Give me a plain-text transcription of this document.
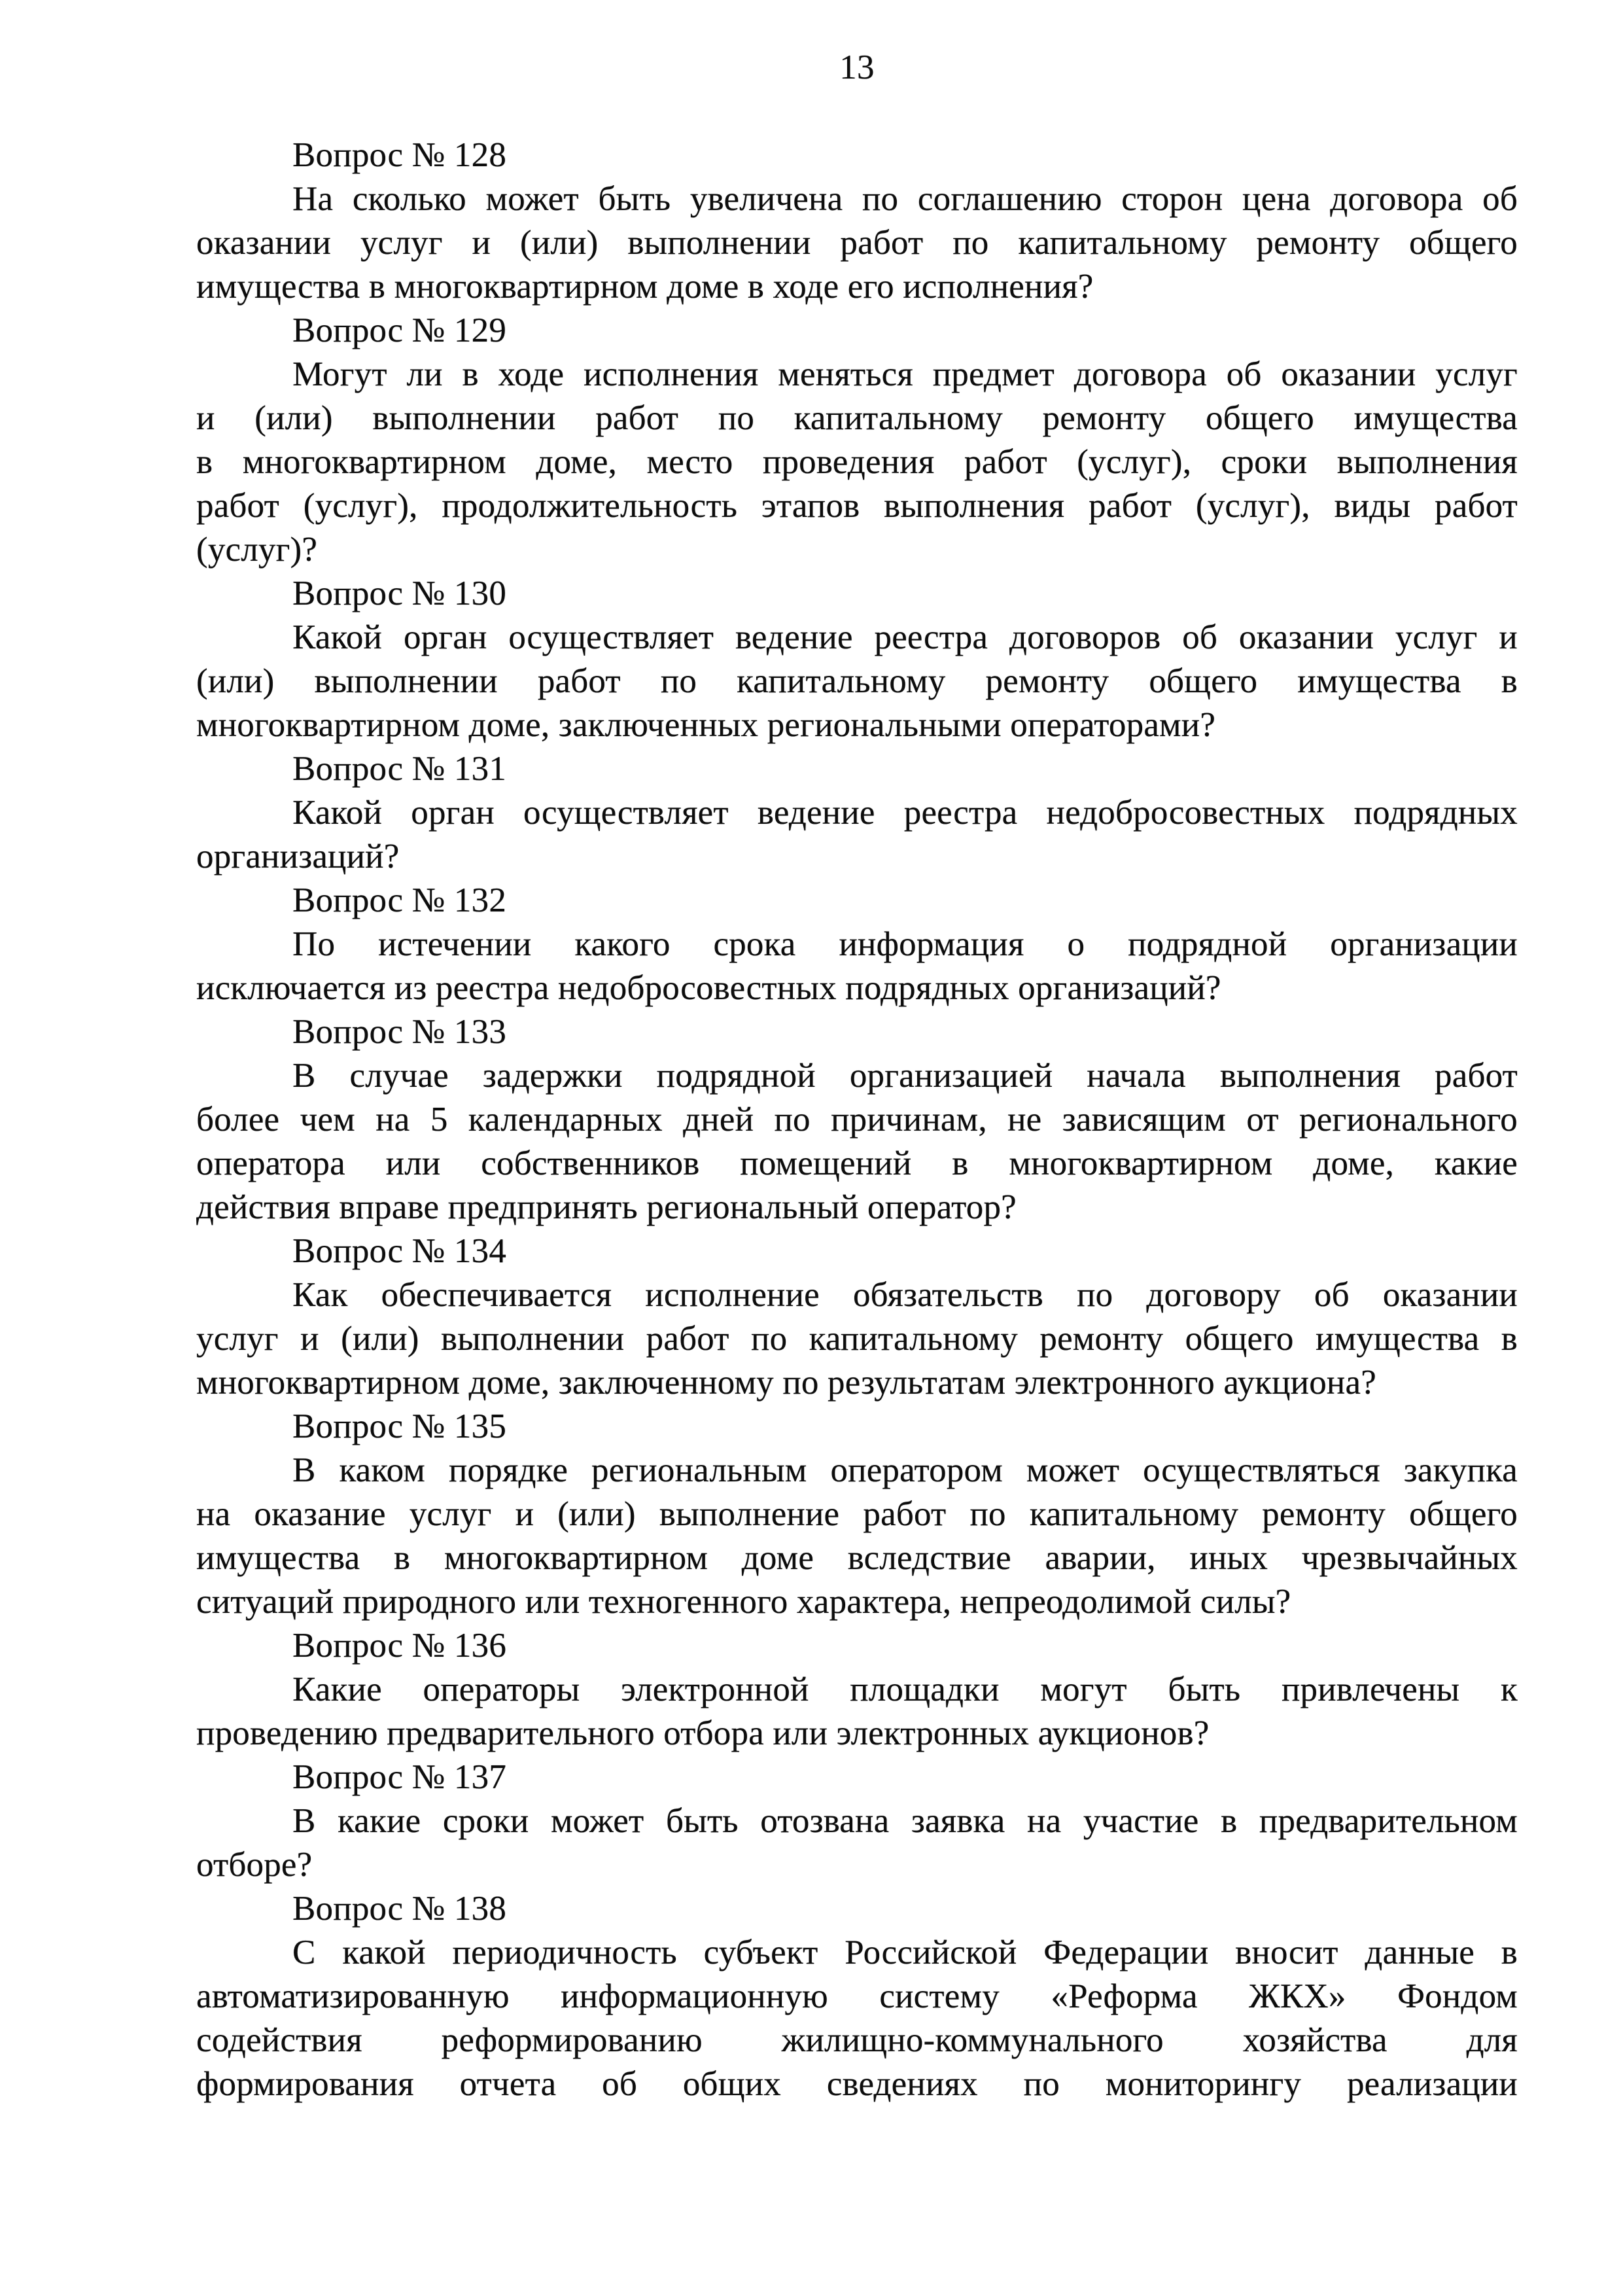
13
Вопрос № 128
На сколько может быть увеличена по соглашению сторон цена договора об
оказании услуг и (или) выполнении работ по капитальному ремонту общего
имущества в многоквартирном доме в ходе его исполнения?
Вопрос № 129
Могут ли в ходе исполнения меняться предмет договора об оказании услуг
и (или) выполнении работ по капитальному ремонту общего имущества
в многоквартирном доме, место проведения работ (услуг), сроки выполнения
работ (услуг), продолжительность этапов выполнения работ (услуг), виды работ
(услуг)?
Вопрос № 130
Какой орган осуществляет ведение реестра договоров об оказании услуг и
(или) выполнении работ по капитальному ремонту общего имущества в
многоквартирном доме, заключенных региональными операторами?
Вопрос № 131
Какой орган осуществляет ведение реестра недобросовестных подрядных
организаций?
Вопрос № 132
По истечении какого срока информация о подрядной организации
исключается из реестра недобросовестных подрядных организаций?
Вопрос № 133
В случае задержки подрядной организацией начала выполнения работ
более чем на 5 календарных дней по причинам, не зависящим от регионального
оператора или собственников помещений в многоквартирном доме, какие
действия вправе предпринять региональный оператор?
Вопрос № 134
Как обеспечивается исполнение обязательств по договору об оказании
услуг и (или) выполнении работ по капитальному ремонту общего имущества в
многоквартирном доме, заключенному по результатам электронного аукциона?
Вопрос № 135
В каком порядке региональным оператором может осуществляться закупка
на оказание услуг и (или) выполнение работ по капитальному ремонту общего
имущества в многоквартирном доме вследствие аварии, иных чрезвычайных
ситуаций природного или техногенного характера, непреодолимой силы?
Вопрос № 136
Какие операторы электронной площадки могут быть привлечены к
проведению предварительного отбора или электронных аукционов?
Вопрос № 137
В какие сроки может быть отозвана заявка на участие в предварительном
отборе?
Вопрос № 138
С какой периодичность субъект Российской Федерации вносит данные в
автоматизированную информационную систему «Реформа ЖКХ» Фондом
содействия реформированию жилищно-коммунального хозяйства для
формирования отчета об общих сведениях по мониторингу реализации
